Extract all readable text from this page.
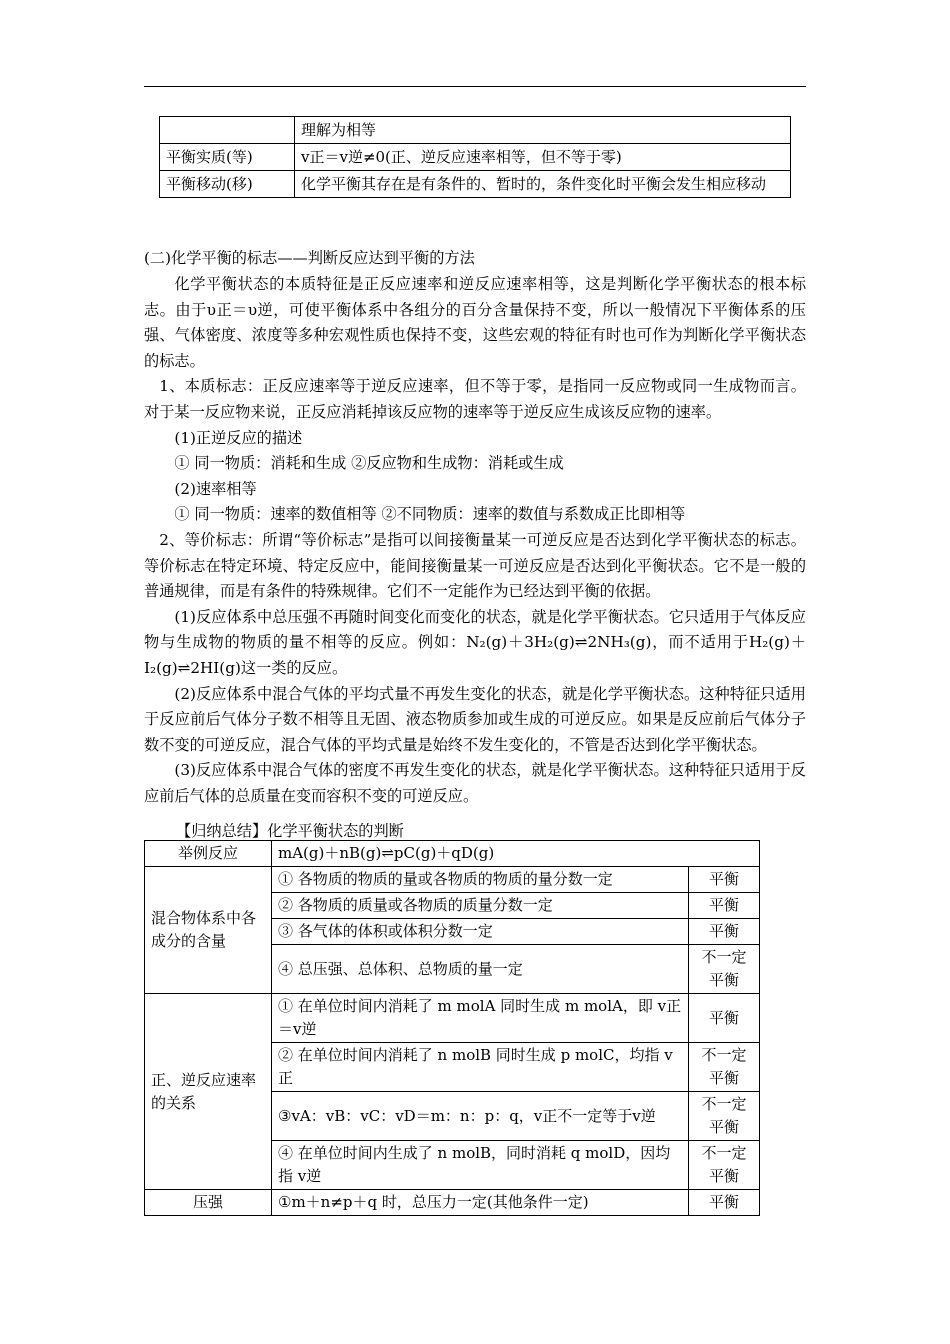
	理解为相等
平衡实质(等)	v正＝v逆≠0(正、逆反应速率相等，但不等于零)
平衡移动(移)	化学平衡其存在是有条件的、暂时的，条件变化时平衡会发生相应移动
(二)化学平衡的标志——判断反应达到平衡的方法

化学平衡状态的本质特征是正反应速率和逆反应速率相等，这是判断化学平衡状态的根本标志。由于υ正＝υ逆，可使平衡体系中各组分的百分含量保持不变，所以一般情况下平衡体系的压强、气体密度、浓度等多种宏观性质也保持不变，这些宏观的特征有时也可作为判断化学平衡状态的标志。

1、本质标志：正反应速率等于逆反应速率，但不等于零，是指同一反应物或同一生成物而言。对于某一反应物来说，正反应消耗掉该反应物的速率等于逆反应生成该反应物的速率。

(1)正逆反应的描述

① 同一物质：消耗和生成 ②反应物和生成物：消耗或生成

(2)速率相等

① 同一物质：速率的数值相等 ②不同物质：速率的数值与系数成正比即相等

2、等价标志：所谓“等价标志”是指可以间接衡量某一可逆反应是否达到化学平衡状态的标志。等价标志在特定环境、特定反应中，能间接衡量某一可逆反应是否达到化平衡状态。它不是一般的普通规律，而是有条件的特殊规律。它们不一定能作为已经达到平衡的依据。

(1)反应体系中总压强不再随时间变化而变化的状态，就是化学平衡状态。它只适用于气体反应物与生成物的物质的量不相等的反应。例如：N₂(g)＋3H₂(g)⇌2NH₃(g)，而不适用于H₂(g)＋I₂(g)⇌2HI(g)这一类的反应。

(2)反应体系中混合气体的平均式量不再发生变化的状态，就是化学平衡状态。这种特征只适用于反应前后气体分子数不相等且无固、液态物质参加或生成的可逆反应。如果是反应前后气体分子数不变的可逆反应，混合气体的平均式量是始终不发生变化的，不管是否达到化学平衡状态。

(3)反应体系中混合气体的密度不再发生变化的状态，就是化学平衡状态。这种特征只适用于反应前后气体的总质量在变而容积不变的可逆反应。

【归纳总结】化学平衡状态的判断
举例反应	mA(g)＋nB(g)⇌pC(g)＋qD(g)	
混合物体系中各成分的含量	① 各物质的物质的量或各物质的物质的量分数一定	平衡
	② 各物质的质量或各物质的质量分数一定	平衡
	③ 各气体的体积或体积分数一定	平衡
	④ 总压强、总体积、总物质的量一定	不一定平衡
正、逆反应速率的关系	① 在单位时间内消耗了 m molA 同时生成 m molA，即 v正＝v逆	平衡
	② 在单位时间内消耗了 n molB 同时生成 p molC，均指 v正	不一定平衡
	③vA：vB：vC：vD＝m：n：p：q，v正不一定等于v逆	不一定平衡
	④ 在单位时间内生成了 n molB，同时消耗 q molD，因均指 v逆	不一定平衡
压强	①m＋n≠p＋q 时，总压力一定(其他条件一定)	平衡
